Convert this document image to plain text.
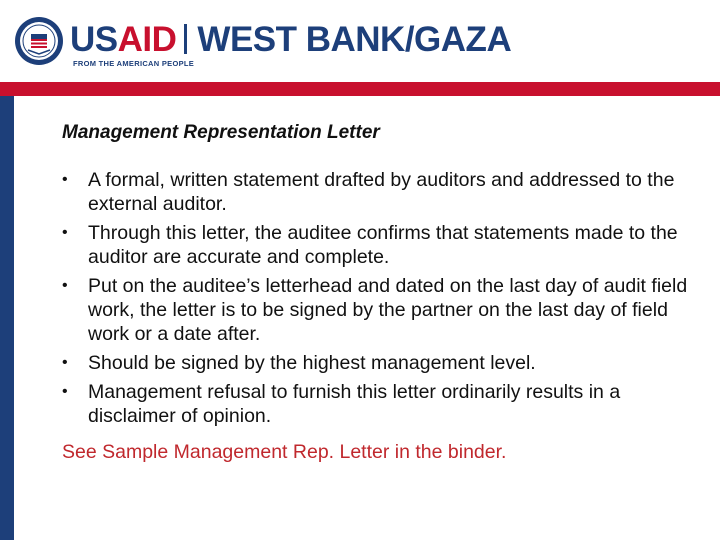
USAID WEST BANK/GAZA
FROM THE AMERICAN PEOPLE
Management Representation Letter
•	A formal, written statement drafted by auditors and addressed to the external auditor.
•	Through this letter, the auditee confirms that statements made to the auditor are accurate and complete.
•	Put on the auditee’s letterhead and dated on the last day of audit field work, the letter is to be signed by the partner on the last day of field work or a date after.
•	Should be signed by the highest management level.
•	Management refusal to furnish this letter ordinarily results in a disclaimer of opinion.
See Sample Management Rep. Letter in the binder.
